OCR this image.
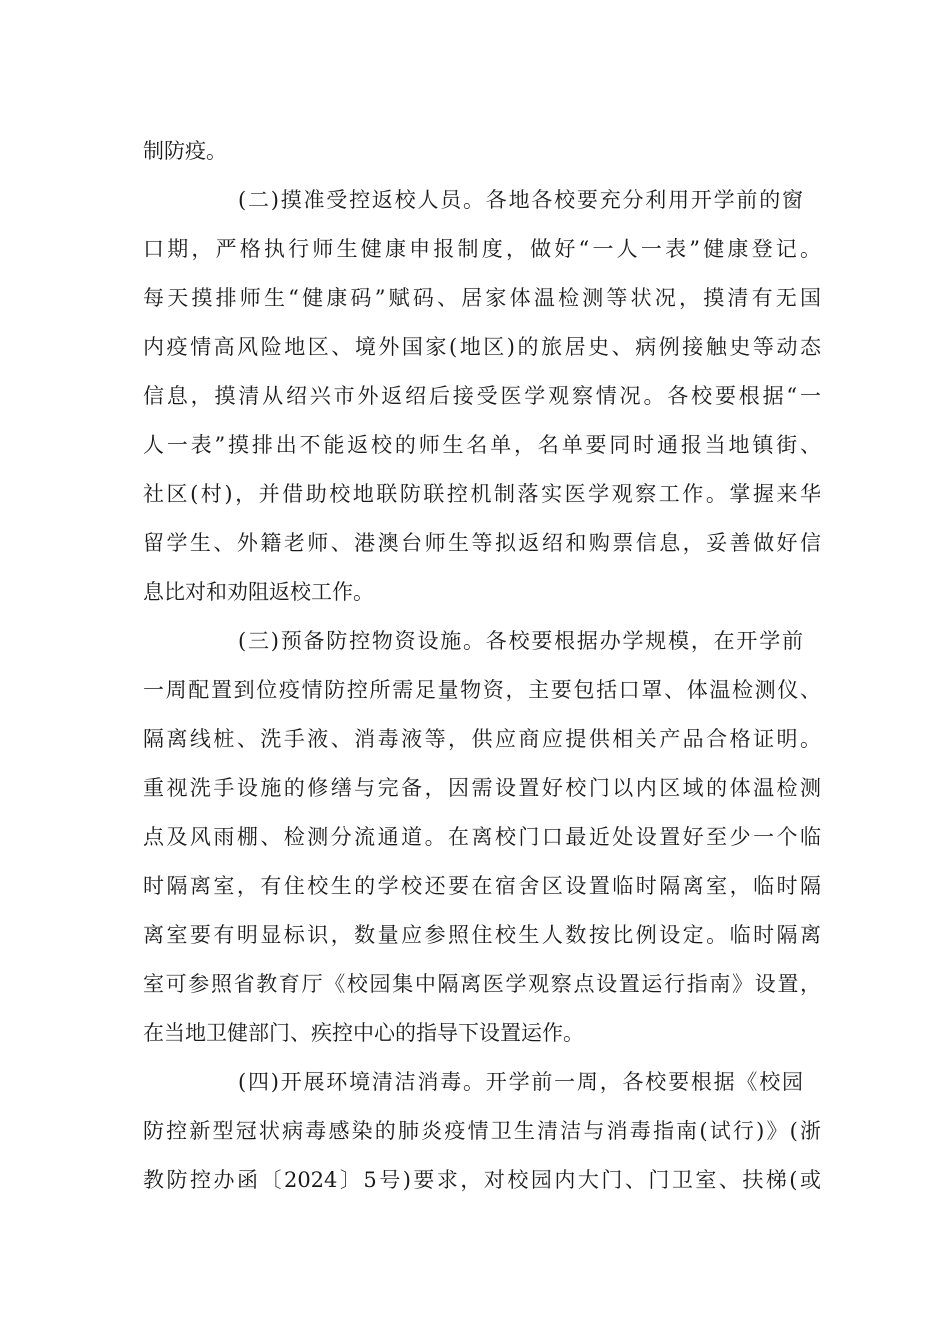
制防疫。
(二)摸准受控返校人员。各地各校要充分利用开学前的窗
口期，严格执行师生健康申报制度，做好“一人一表”健康登记。
每天摸排师生“健康码”赋码、居家体温检测等状况，摸清有无国
内疫情高风险地区、境外国家(地区)的旅居史、病例接触史等动态
信息，摸清从绍兴市外返绍后接受医学观察情况。各校要根据“一
人一表”摸排出不能返校的师生名单，名单要同时通报当地镇街、
社区(村)，并借助校地联防联控机制落实医学观察工作。掌握来华
留学生、外籍老师、港澳台师生等拟返绍和购票信息，妥善做好信
息比对和劝阻返校工作。
(三)预备防控物资设施。各校要根据办学规模，在开学前
一周配置到位疫情防控所需足量物资，主要包括口罩、体温检测仪、
隔离线桩、洗手液、消毒液等，供应商应提供相关产品合格证明。
重视洗手设施的修缮与完备，因需设置好校门以内区域的体温检测
点及风雨棚、检测分流通道。在离校门口最近处设置好至少一个临
时隔离室，有住校生的学校还要在宿舍区设置临时隔离室，临时隔
离室要有明显标识，数量应参照住校生人数按比例设定。临时隔离
室可参照省教育厅《校园集中隔离医学观察点设置运行指南》设置，
在当地卫健部门、疾控中心的指导下设置运作。
(四)开展环境清洁消毒。开学前一周，各校要根据《校园
防控新型冠状病毒感染的肺炎疫情卫生清洁与消毒指南(试行)》(浙
教防控办函〔2024〕5号)要求，对校园内大门、门卫室、扶梯(或
